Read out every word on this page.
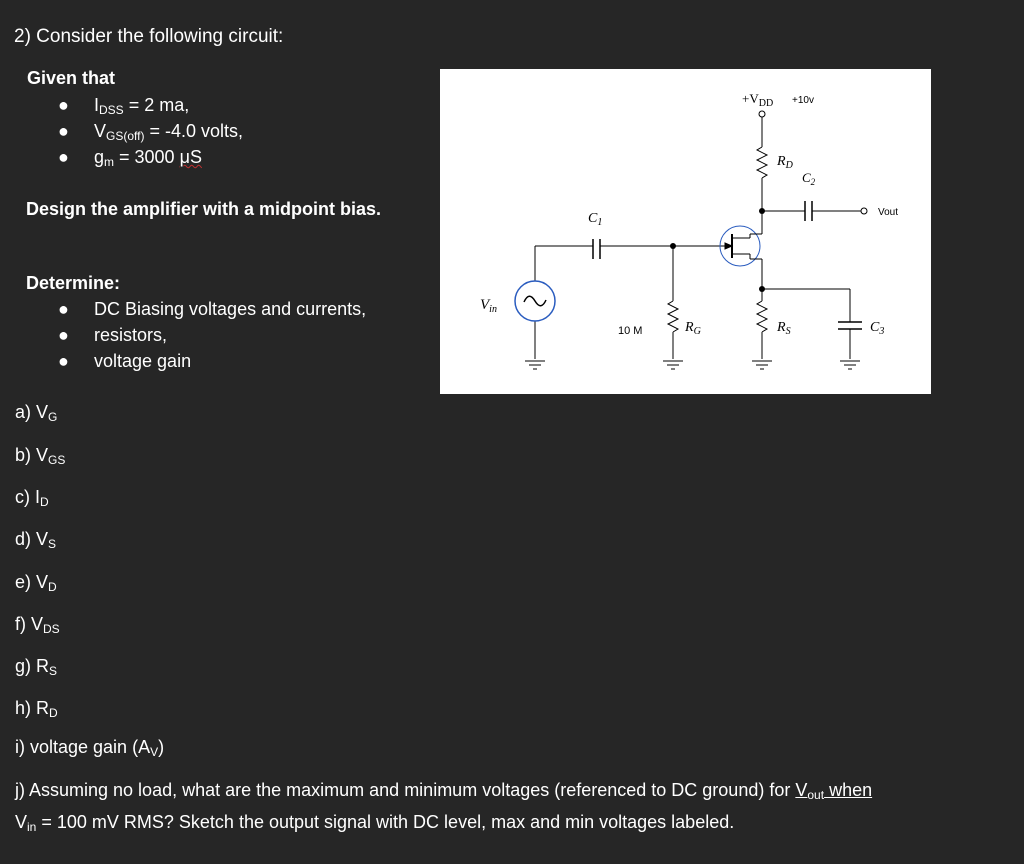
2) Consider the following circuit:
Given that
● $I_{DSS} = 2$ ma,
● $V_{GS(off)} = -4.0$ volts,
● $g_m = 3000$ μS
Design the amplifier with a midpoint bias.
Determine:
● DC Biasing voltages and currents,
● resistors,
● voltage gain
$V_{in}$
$C_1$
10 M	$R_G$
$+V_{DD} +10v$
$R_D$
$C_2$
Vout
$R_S$	$C_3$
=100mv
rms
a) $V_G$
b) $V_{GS}$
c) $I_D$
d) $V_S$
e) $V_D$
f) $V_{DS}$
g) $R_S$
h) $R_D$
i) voltage gain $(A_V)$
j) Assuming no load, what are the maximum and minimum voltages (referenced to DC ground) for $V_{out}$ when
$V_{in} = 100$ mV RMS? Sketch the output signal with DC level, max and min voltages labeled.
